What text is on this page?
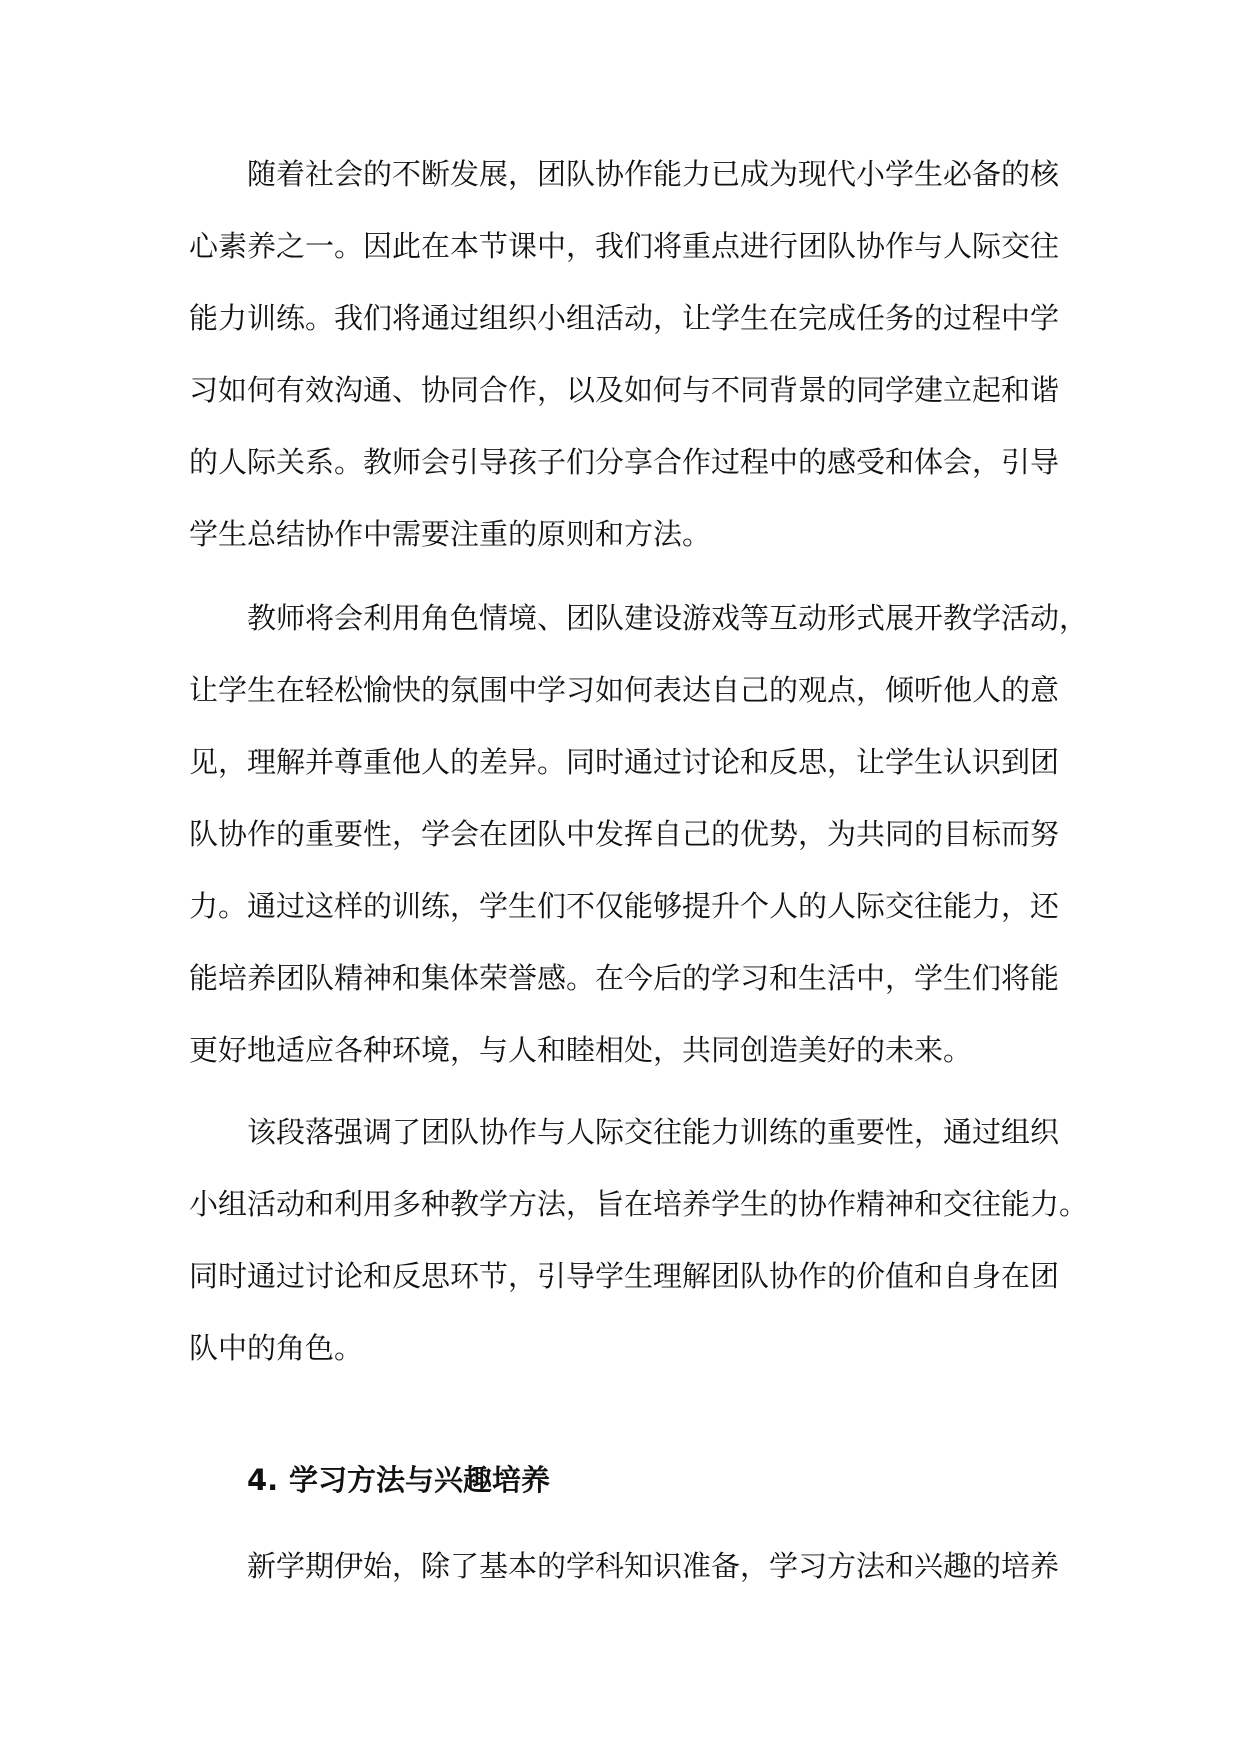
随着社会的不断发展，团队协作能力已成为现代小学生必备的核
心素养之一。因此在本节课中，我们将重点进行团队协作与人际交往
能力训练。我们将通过组织小组活动，让学生在完成任务的过程中学
习如何有效沟通、协同合作，以及如何与不同背景的同学建立起和谐
的人际关系。教师会引导孩子们分享合作过程中的感受和体会，引导
学生总结协作中需要注重的原则和方法。
教师将会利用角色情境、团队建设游戏等互动形式展开教学活动，
让学生在轻松愉快的氛围中学习如何表达自己的观点，倾听他人的意
见，理解并尊重他人的差异。同时通过讨论和反思，让学生认识到团
队协作的重要性，学会在团队中发挥自己的优势，为共同的目标而努
力。通过这样的训练，学生们不仅能够提升个人的人际交往能力，还
能培养团队精神和集体荣誉感。在今后的学习和生活中，学生们将能
更好地适应各种环境，与人和睦相处，共同创造美好的未来。
该段落强调了团队协作与人际交往能力训练的重要性，通过组织
小组活动和利用多种教学方法，旨在培养学生的协作精神和交往能力。
同时通过讨论和反思环节，引导学生理解团队协作的价值和自身在团
队中的角色。
4. 学习方法与兴趣培养
新学期伊始，除了基本的学科知识准备，学习方法和兴趣的培养
